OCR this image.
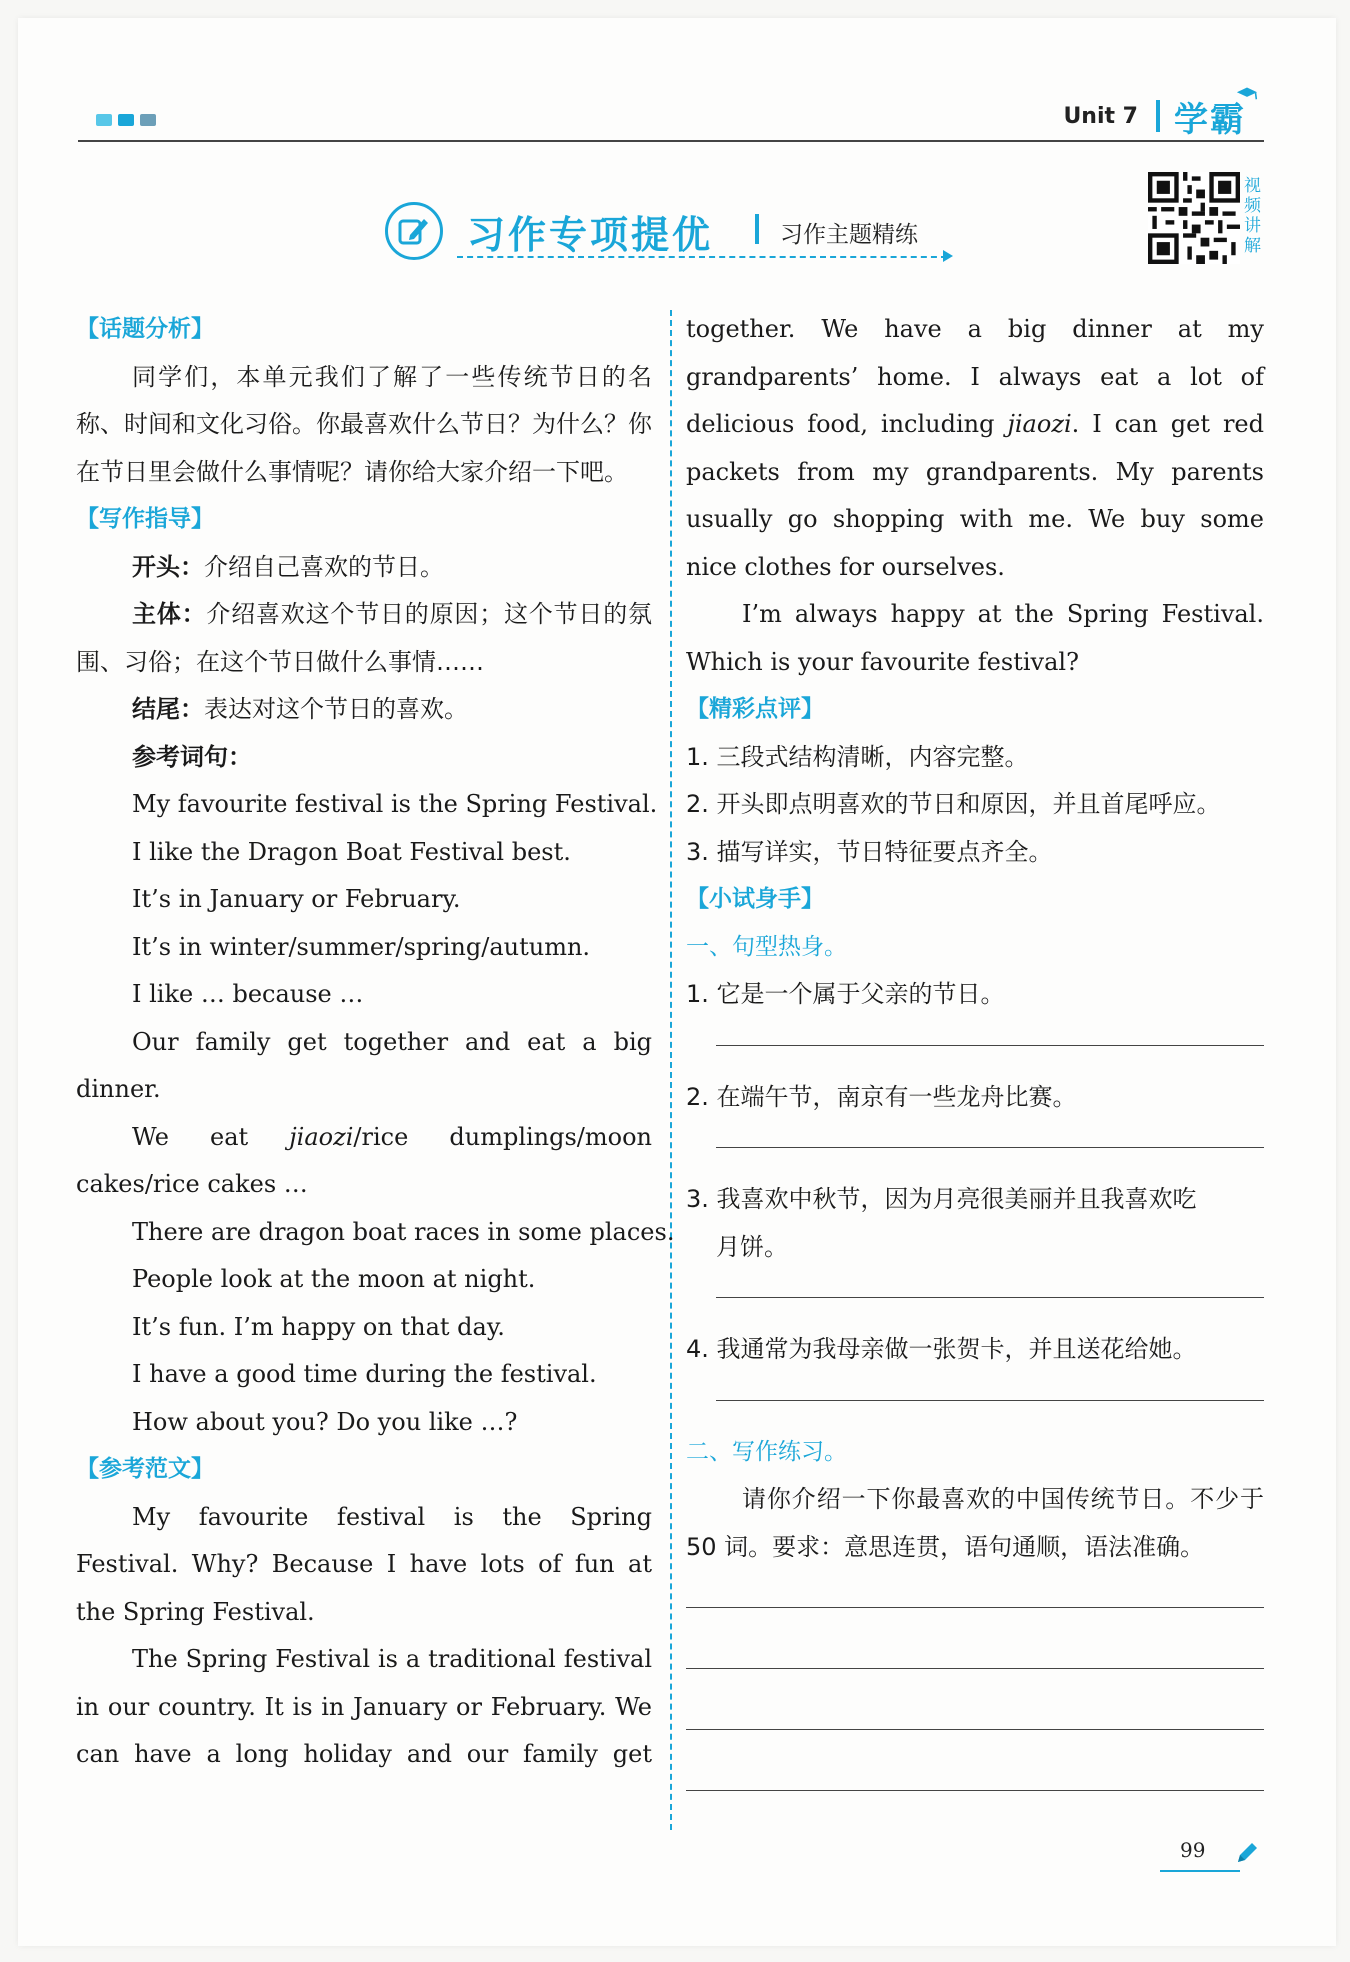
Unit 7 学霸
习作专项提优	习作主题精练
视频讲解
【话题分析】

同学们，本单元我们了解了一些传统节日的名称、时间和文化习俗。你最喜欢什么节日？为什么？你在节日里会做什么事情呢？请你给大家介绍一下吧。

【写作指导】

开头：介绍自己喜欢的节日。

主体：介绍喜欢这个节日的原因；这个节日的氛围、习俗；在这个节日做什么事情……

结尾：表达对这个节日的喜欢。

参考词句：

My favourite festival is the Spring Festival.
I like the Dragon Boat Festival best.
It’s in January or February.
It’s in winter/summer/spring/autumn.
I like … because …

Our family get together and eat a big dinner.

We eat jiaozi/rice dumplings/moon cakes/rice cakes …

There are dragon boat races in some places.
People look at the moon at night.
It’s fun. I’m happy on that day.
I have a good time during the festival.
How about you? Do you like …?
【参考范文】

My favourite festival is the Spring Festival. Why? Because I have lots of fun at the Spring Festival.

The Spring Festival is a traditional festival in our country. It is in January or February. We can have a long holiday and our family get

together. We have a big dinner at my grandparents’ home. I always eat a lot of delicious food, including jiaozi. I can get red packets from my grandparents. My parents usually go shopping with me. We buy some nice clothes for ourselves.

I’m always happy at the Spring Festival. Which is your favourite festival?

【精彩点评】
1. 三段式结构清晰，内容完整。
2. 开头即点明喜欢的节日和原因，并且首尾呼应。
3. 描写详实，节日特征要点齐全。
【小试身手】
一、句型热身。
1. 它是一个属于父亲的节日。
2. 在端午节，南京有一些龙舟比赛。
3. 我喜欢中秋节，因为月亮很美丽并且我喜欢吃
月饼。
4. 我通常为我母亲做一张贺卡，并且送花给她。
二、写作练习。

请你介绍一下你最喜欢的中国传统节日。不少于 50 词。要求：意思连贯，语句通顺，语法准确。

99
